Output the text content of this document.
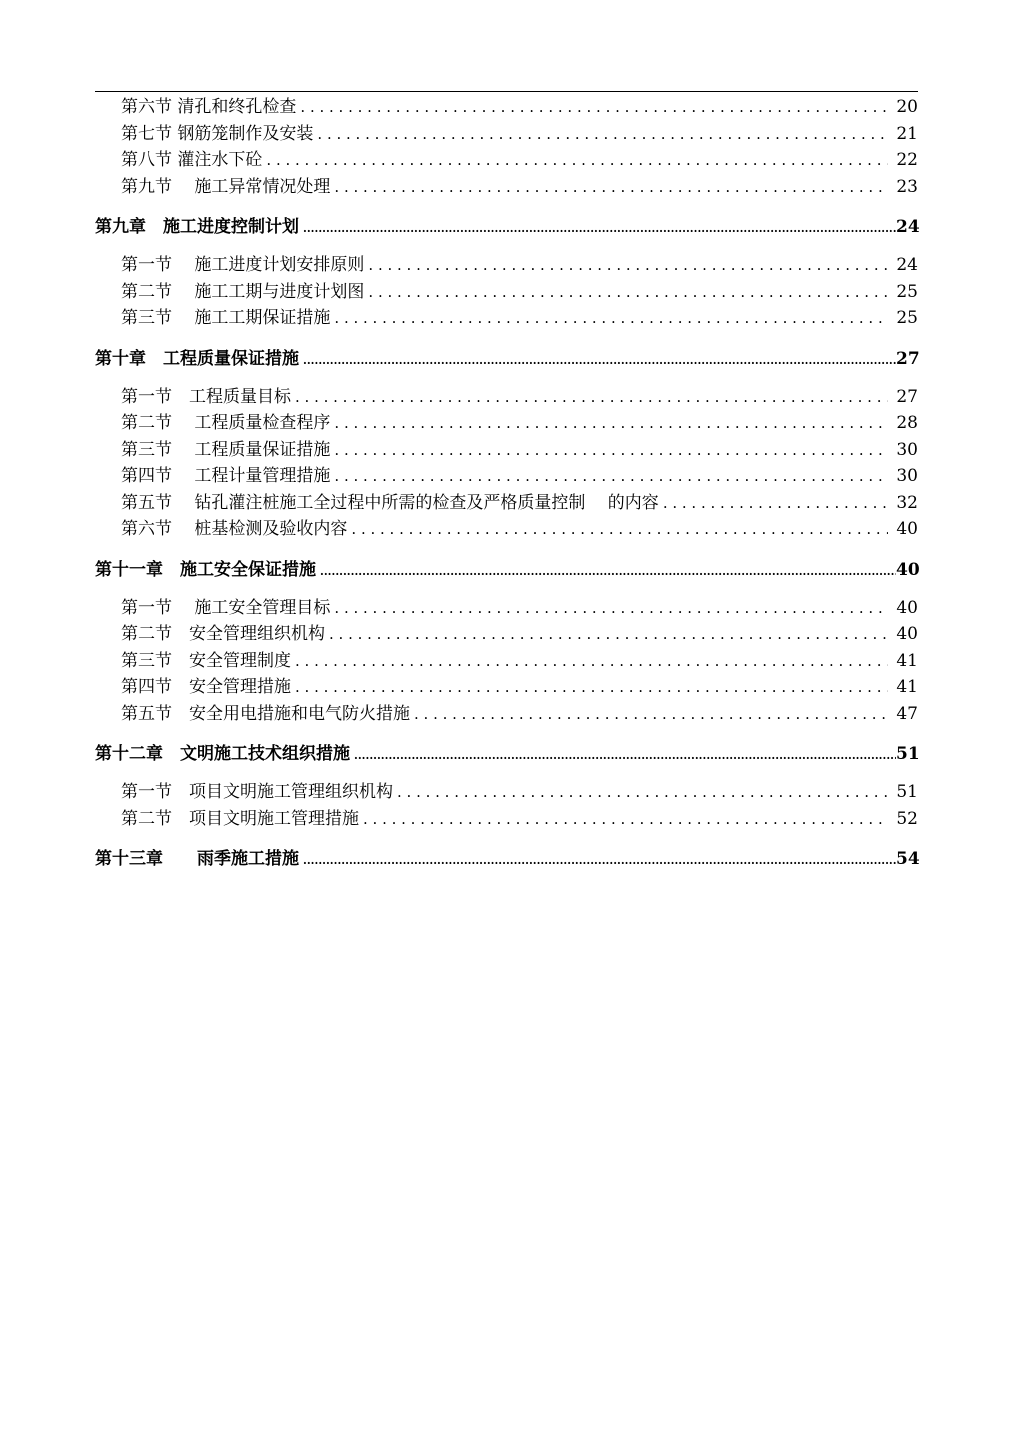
第六节 清孔和终孔检查 . . .	20
第七节 钢筋笼制作及安装 . . .	21
第八节 灌注水下砼 . . .	22
第九节　 施工异常情况处理 . . .	23
第九章　施工进度控制计划 .....	24
第一节　 施工进度计划安排原则 . . .	24
第二节　 施工工期与进度计划图 . . .	25
第三节　 施工工期保证措施 . . .	25
第十章　工程质量保证措施 .....	27
第一节　工程质量目标 . . .	27
第二节　 工程质量检查程序 . . .	28
第三节　 工程质量保证措施 . . .	30
第四节　 工程计量管理措施 . . .	30
第五节　 钻孔灌注桩施工全过程中所需的检查及严格质量控制　 的内容 . . .	32
第六节　 桩基检测及验收内容 . . .	40
第十一章　施工安全保证措施 .....	40
第一节　 施工安全管理目标 . . .	40
第二节　安全管理组织机构 . . .	40
第三节　安全管理制度 . . .	41
第四节　安全管理措施 . . .	41
第五节　安全用电措施和电气防火措施 . . .	47
第十二章　文明施工技术组织措施 .....	51
第一节　项目文明施工管理组织机构 . . .	51
第二节　项目文明施工管理措施 . . .	52
第十三章　　雨季施工措施 .....	54
